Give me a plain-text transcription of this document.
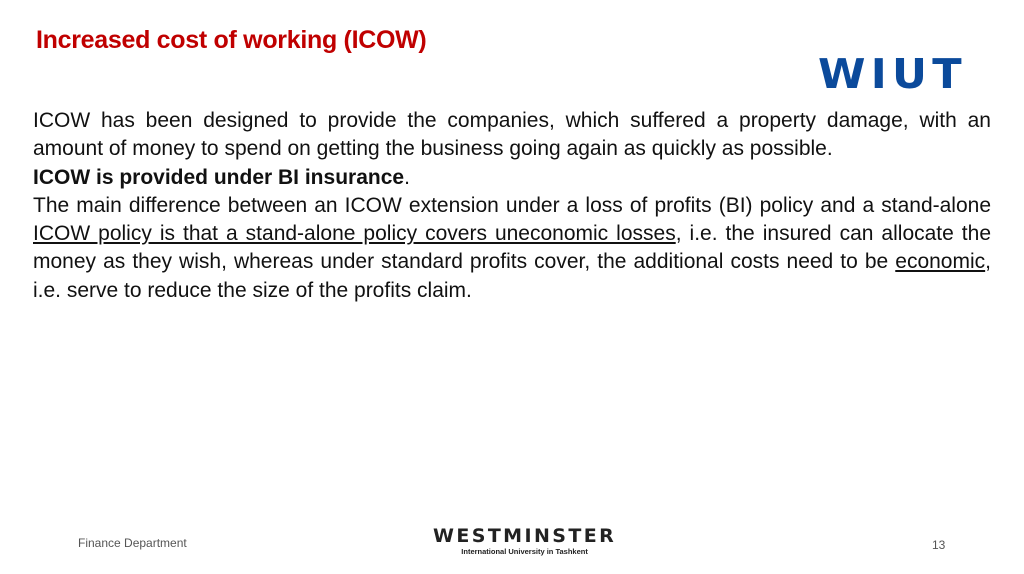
Increased cost of working (ICOW)
WIUT

ICOW has been designed to provide the companies, which suffered a property damage, with an amount of money to spend on getting the business going again as quickly as possible.

ICOW is provided under BI insurance.

The main difference between an ICOW extension under a loss of profits (BI) policy and a stand-alone ICOW policy is that a stand-alone policy covers uneconomic losses, i.e. the insured can allocate the money as they wish, whereas under standard profits cover, the additional costs need to be economic, i.e. serve to reduce the size of the profits claim.

Finance Department	WESTMINSTER
International University in Tashkent	13
